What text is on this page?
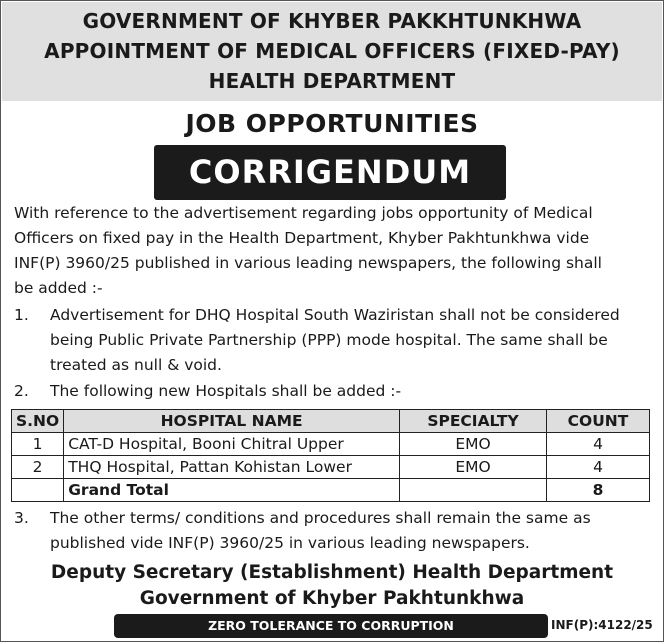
GOVERNMENT OF KHYBER PAKKHTUNKHWA
APPOINTMENT OF MEDICAL OFFICERS (FIXED-PAY)
HEALTH DEPARTMENT
JOB OPPORTUNITIES
CORRIGENDUM

With reference to the advertisement regarding jobs opportunity of Medical

Officers on fixed pay in the Health Department, Khyber Pakhtunkhwa vide

INF(P) 3960/25 published in various leading newspapers, the following shall

be added :-

1.	Advertisement for DHQ Hospital South Waziristan shall not be considered
being Public Private Partnership (PPP) mode hospital. The same shall be
treated as null & void.
2.	The following new Hospitals shall be added :-
S.NO	HOSPITAL NAME	SPECIALTY	COUNT
1	CAT-D Hospital, Booni Chitral Upper	EMO	4
2	THQ Hospital, Pattan Kohistan Lower	EMO	4
	Grand Total		8
3.	The other terms/ conditions and procedures shall remain the same as
published vide INF(P) 3960/25 in various leading newspapers.
Deputy Secretary (Establishment) Health Department
Government of Khyber Pakhtunkhwa
ZERO TOLERANCE TO CORRUPTION	INF(P):4122/25
